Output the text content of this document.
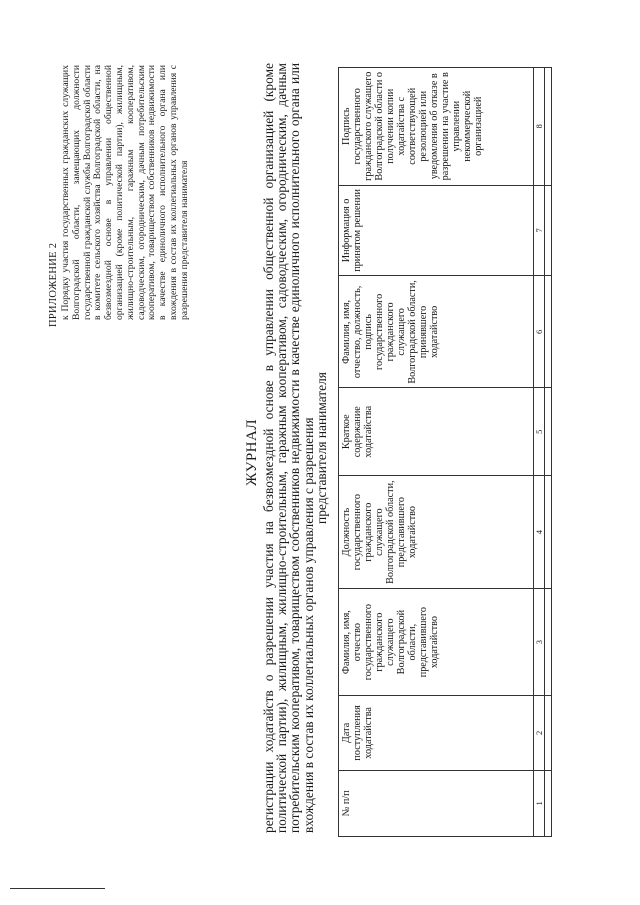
ПРИЛОЖЕНИЕ 2 к Порядку участия государственных гражданских служащих Волгоградской области, замещающих должности государственной гражданской службы Волгоградской области в комитете сельского хозяйства Волгоградской области, на безвозмездной основе в управлении общественной организацией (кроме политической партии), жилищным, жилищно-строительным, гаражным кооперативом, садоводческим, огородническим, дачным потребительским кооперативом, товариществом собственников недвижимости в качестве единоличного исполнительного органа или вхождения в состав их коллегиальных органов управления с разрешения представителя нанимателя
ЖУРНАЛ регистрации ходатайств о разрешении участия на безвозмездной основе в управлении общественной организацией (кроме политической партии), жилищным, жилищно-строительным, гаражным кооперативом, садоводческим, огородническим, дачным потребительским кооперативом, товариществом собственников недвижимости в качестве единоличного исполнительного органа или вхождения в состав их коллегиальных органов управления с разрешения
представителя нанимателя
№ п/п	Дата поступления ходатайства	Фамилия, имя, отчество государственного гражданского служащего Волгоградской области, представившего ходатайство	Должность государственного гражданского служащего Волгоградской области, представившего ходатайство	Краткое содержание ходатайства	Фамилия, имя, отчество, должность, подпись государственного гражданского служащего Волгоградской области, принявшего ходатайство	Информация о принятом решении	Подпись государственного гражданского служащего Волгоградской области о получении копии ходатайства с соответствующей резолюцией или уведомления об отказе в разрешении на участие в управлении некоммерческой организацией
1	2	3	4	5	6	7	8
